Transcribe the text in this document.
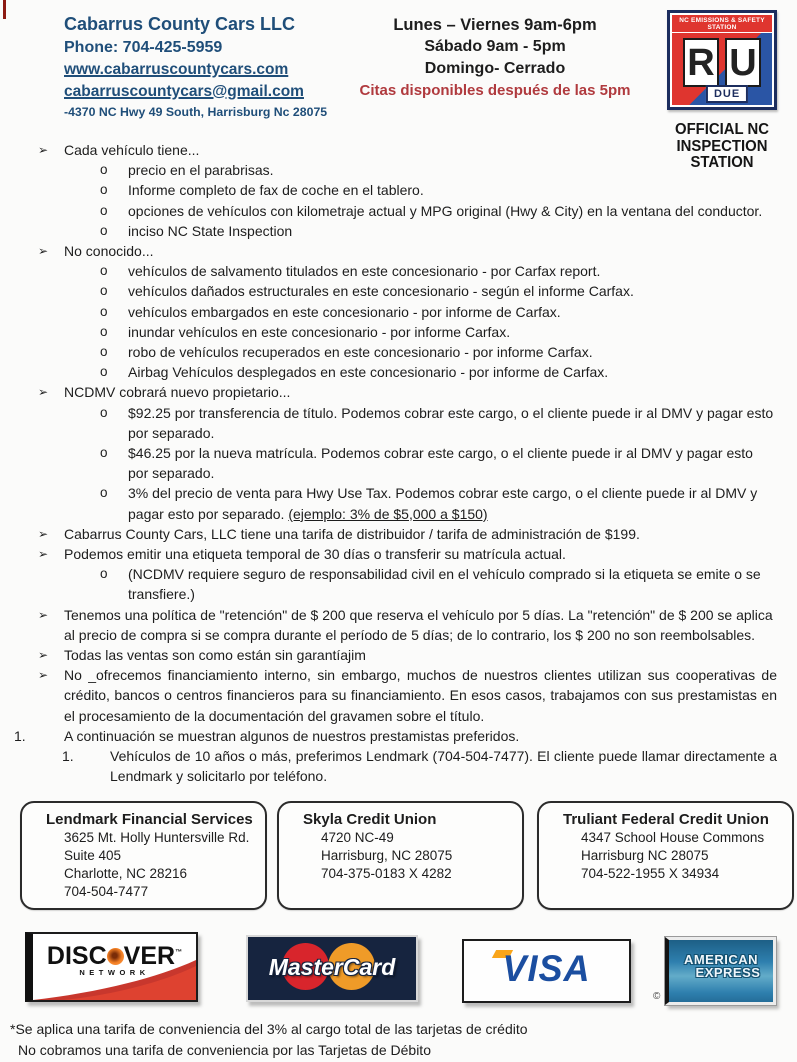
Cabarrus County Cars LLC
Phone: 704-425-5959
www.cabarruscountycars.com
cabarruscountycars@gmail.com
-4370 NC Hwy 49 South, Harrisburg Nc 28075
Lunes – Viernes 9am-6pm
Sábado 9am - 5pm
Domingo- Cerrado
Citas disponibles después de las 5pm
NC EMISSIONS & SAFETY STATION
R U
DUE
OFFICIAL NC INSPECTION STATION
➢	Cada vehículo tiene...
o	precio en el parabrisas.
o	Informe completo de fax de coche en el tablero.
o	opciones de vehículos con kilometraje actual y MPG original (Hwy & City) en la ventana del conductor.
o	inciso NC State Inspection
➢	No conocido...
o	vehículos de salvamento titulados en este concesionario - por Carfax report.
o	vehículos dañados estructurales en este concesionario - según el informe Carfax.
o	vehículos embargados en este concesionario - por informe de Carfax.
o	inundar vehículos en este concesionario - por informe Carfax.
o	robo de vehículos recuperados en este concesionario - por informe Carfax.
o	Airbag Vehículos desplegados en este concesionario - por informe de Carfax.
➢	NCDMV cobrará nuevo propietario...
o	$92.25 por transferencia de título. Podemos cobrar este cargo, o el cliente puede ir al DMV y pagar esto por separado.
o	$46.25 por la nueva matrícula. Podemos cobrar este cargo, o el cliente puede ir al DMV y pagar esto por separado.
o	3% del precio de venta para Hwy Use Tax. Podemos cobrar este cargo, o el cliente puede ir al DMV y pagar esto por separado. (ejemplo: 3% de $5,000 a $150)
➢	Cabarrus County Cars, LLC tiene una tarifa de distribuidor / tarifa de administración de $199.
➢	Podemos emitir una etiqueta temporal de 30 días o transferir su matrícula actual.
o	(NCDMV requiere seguro de responsabilidad civil en el vehículo comprado si la etiqueta se emite o se transfiere.)
➢	Tenemos una política de "retención" de $ 200 que reserva el vehículo por 5 días. La "retención" de $ 200 se aplica al precio de compra si se compra durante el período de 5 días; de lo contrario, los $ 200 no son reembolsables.
➢	Todas las ventas son como están sin garantíajim
➢	No _ofrecemos financiamiento interno, sin embargo, muchos de nuestros clientes utilizan sus cooperativas de crédito, bancos o centros financieros para su financiamiento. En esos casos, trabajamos con sus prestamistas en el procesamiento de la documentación del gravamen sobre el título.
1.	A continuación se muestran algunos de nuestros prestamistas preferidos.
1.	Vehículos de 10 años o más, preferimos Lendmark (704-504-7477). El cliente puede llamar directamente a Lendmark y solicitarlo por teléfono.
Lendmark Financial Services
3625 Mt. Holly Huntersville Rd.
Suite 405
Charlotte, NC 28216
704-504-7477
Skyla Credit Union
4720 NC-49
Harrisburg, NC 28075
704-375-0183 X 4282
Truliant Federal Credit Union
4347 School House Commons
Harrisburg NC 28075
704-522-1955 X 34934
DISC VER™
NETWORK	MasterCard	VISA	AMERICAN
EXPRESS
©
*Se aplica una tarifa de conveniencia del 3% al cargo total de las tarjetas de crédito
No cobramos una tarifa de conveniencia por las Tarjetas de Débito
